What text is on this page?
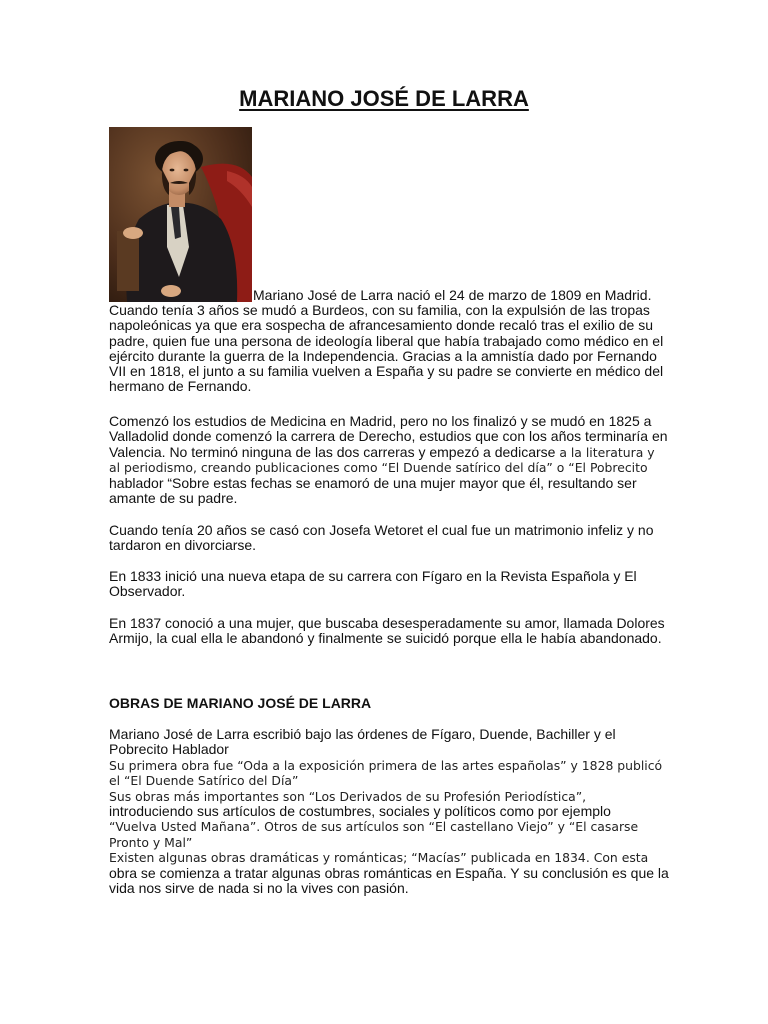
MARIANO JOSÉ DE LARRA

Mariano José de Larra nació el 24 de marzo de 1809 en Madrid.
Cuando tenía 3 años se mudó a Burdeos, con su familia, con la expulsión de las tropas napoleónicas ya que era sospecha de afrancesamiento donde recaló tras el exilio de su padre, quien fue una persona de ideología liberal que había trabajado como médico en el ejército durante la guerra de la Independencia. Gracias a la amnistía dado por Fernando VII en 1818, el junto a su familia vuelven a España y su padre se convierte en médico del hermano de Fernando.

Comenzó los estudios de Medicina en Madrid, pero no los finalizó y se mudó en 1825 a Valladolid donde comenzó la carrera de Derecho, estudios que con los años terminaría en Valencia. No terminó ninguna de las dos carreras y empezó a dedicarse a la literatura y al periodismo, creando publicaciones como “El Duende satírico del día” o “El Pobrecito hablador “Sobre estas fechas se enamoró de una mujer mayor que él, resultando ser amante de su padre.

Cuando tenía 20 años se casó con Josefa Wetoret el cual fue un matrimonio infeliz y no tardaron en divorciarse.

En 1833 inició una nueva etapa de su carrera con Fígaro en la Revista Española y El Observador.

En 1837 conoció a una mujer, que buscaba desesperadamente su amor, llamada Dolores Armijo, la cual ella le abandonó y finalmente se suicidó porque ella le había abandonado.

OBRAS DE MARIANO JOSÉ DE LARRA
Mariano José de Larra escribió bajo las órdenes de Fígaro, Duende, Bachiller y el Pobrecito Hablador
Su primera obra fue “Oda a la exposición primera de las artes españolas” y 1828 publicó el “El Duende Satírico del Día”
Sus obras más importantes son “Los Derivados de su Profesión Periodística”,
introduciendo sus artículos de costumbres, sociales y políticos como por ejemplo
“Vuelva Usted Mañana”. Otros de sus artículos son “El castellano Viejo” y “El casarse Pronto y Mal”
Existen algunas obras dramáticas y románticas; “Macías” publicada en 1834. Con esta
obra se comienza a tratar algunas obras románticas en España. Y su conclusión es que la vida nos sirve de nada si no la vives con pasión.
